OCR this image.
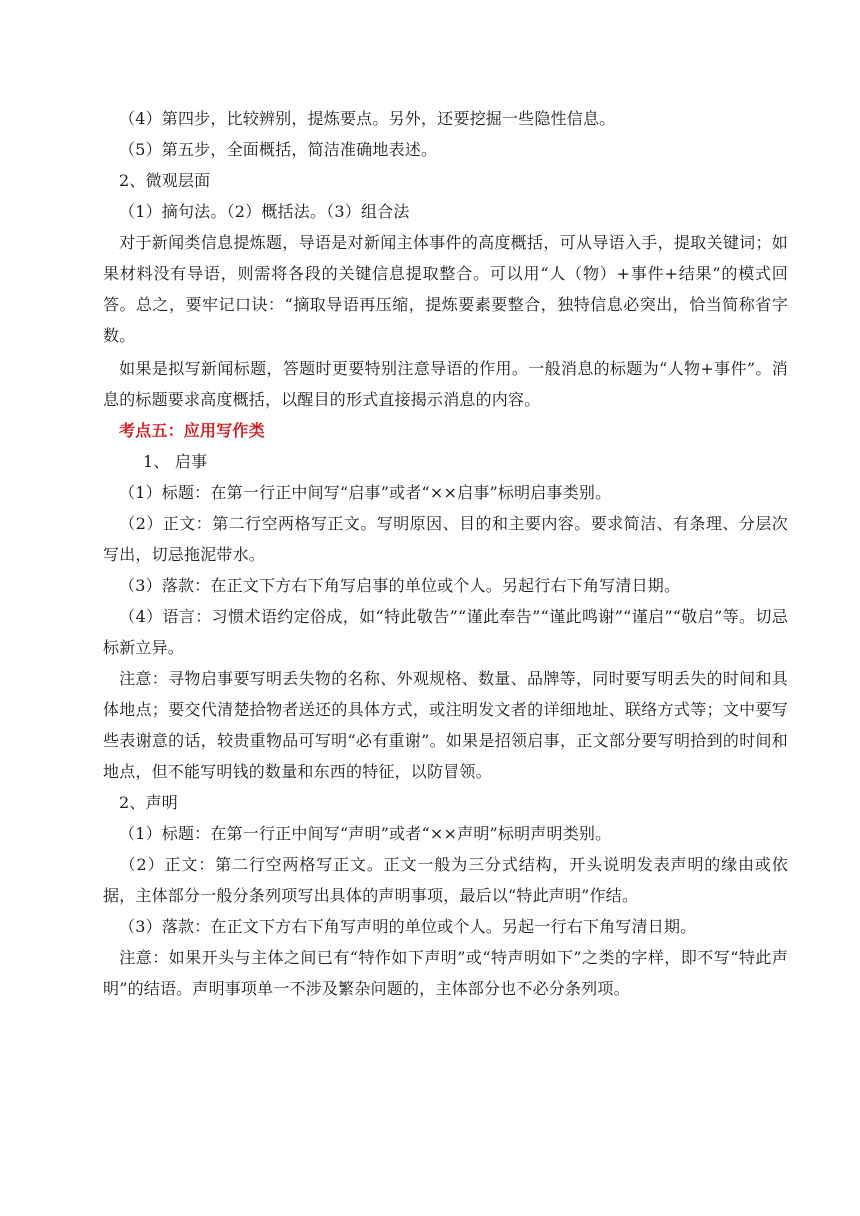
（4）第四步，比较辨别，提炼要点。另外，还要挖掘一些隐性信息。

（5）第五步，全面概括，简洁准确地表述。

2、微观层面

（1）摘句法。（2）概括法。（3）组合法

对于新闻类信息提炼题，导语是对新闻主体事件的高度概括，可从导语入手，提取关键词；如果材料没有导语，则需将各段的关键信息提取整合。可以用“人（物）+事件+结果”的模式回答。总之，要牢记口诀：“摘取导语再压缩，提炼要素要整合，独特信息必突出，恰当简称省字数。

如果是拟写新闻标题，答题时更要特别注意导语的作用。一般消息的标题为“人物+事件”。消息的标题要求高度概括，以醒目的形式直接揭示消息的内容。

考点五：应用写作类

1、 启事

（1）标题：在第一行正中间写“启事”或者“××启事”标明启事类别。

（2）正文：第二行空两格写正文。写明原因、目的和主要内容。要求简洁、有条理、分层次写出，切忌拖泥带水。

（3）落款：在正文下方右下角写启事的单位或个人。另起行右下角写清日期。

（4）语言：习惯术语约定俗成，如“特此敬告”“谨此奉告”“谨此鸣谢”“谨启”“敬启”等。切忌标新立异。

注意：寻物启事要写明丢失物的名称、外观规格、数量、品牌等，同时要写明丢失的时间和具体地点；要交代清楚拾物者送还的具体方式，或注明发文者的详细地址、联络方式等；文中要写些表谢意的话，较贵重物品可写明“必有重谢”。如果是招领启事，正文部分要写明拾到的时间和地点，但不能写明钱的数量和东西的特征，以防冒领。

2、声明

（1）标题：在第一行正中间写“声明”或者“××声明”标明声明类别。

（2）正文：第二行空两格写正文。正文一般为三分式结构，开头说明发表声明的缘由或依据，主体部分一般分条列项写出具体的声明事项，最后以“特此声明”作结。

（3）落款：在正文下方右下角写声明的单位或个人。另起一行右下角写清日期。

注意：如果开头与主体之间已有“特作如下声明”或“特声明如下”之类的字样，即不写“特此声明”的结语。声明事项单一不涉及繁杂问题的，主体部分也不必分条列项。
